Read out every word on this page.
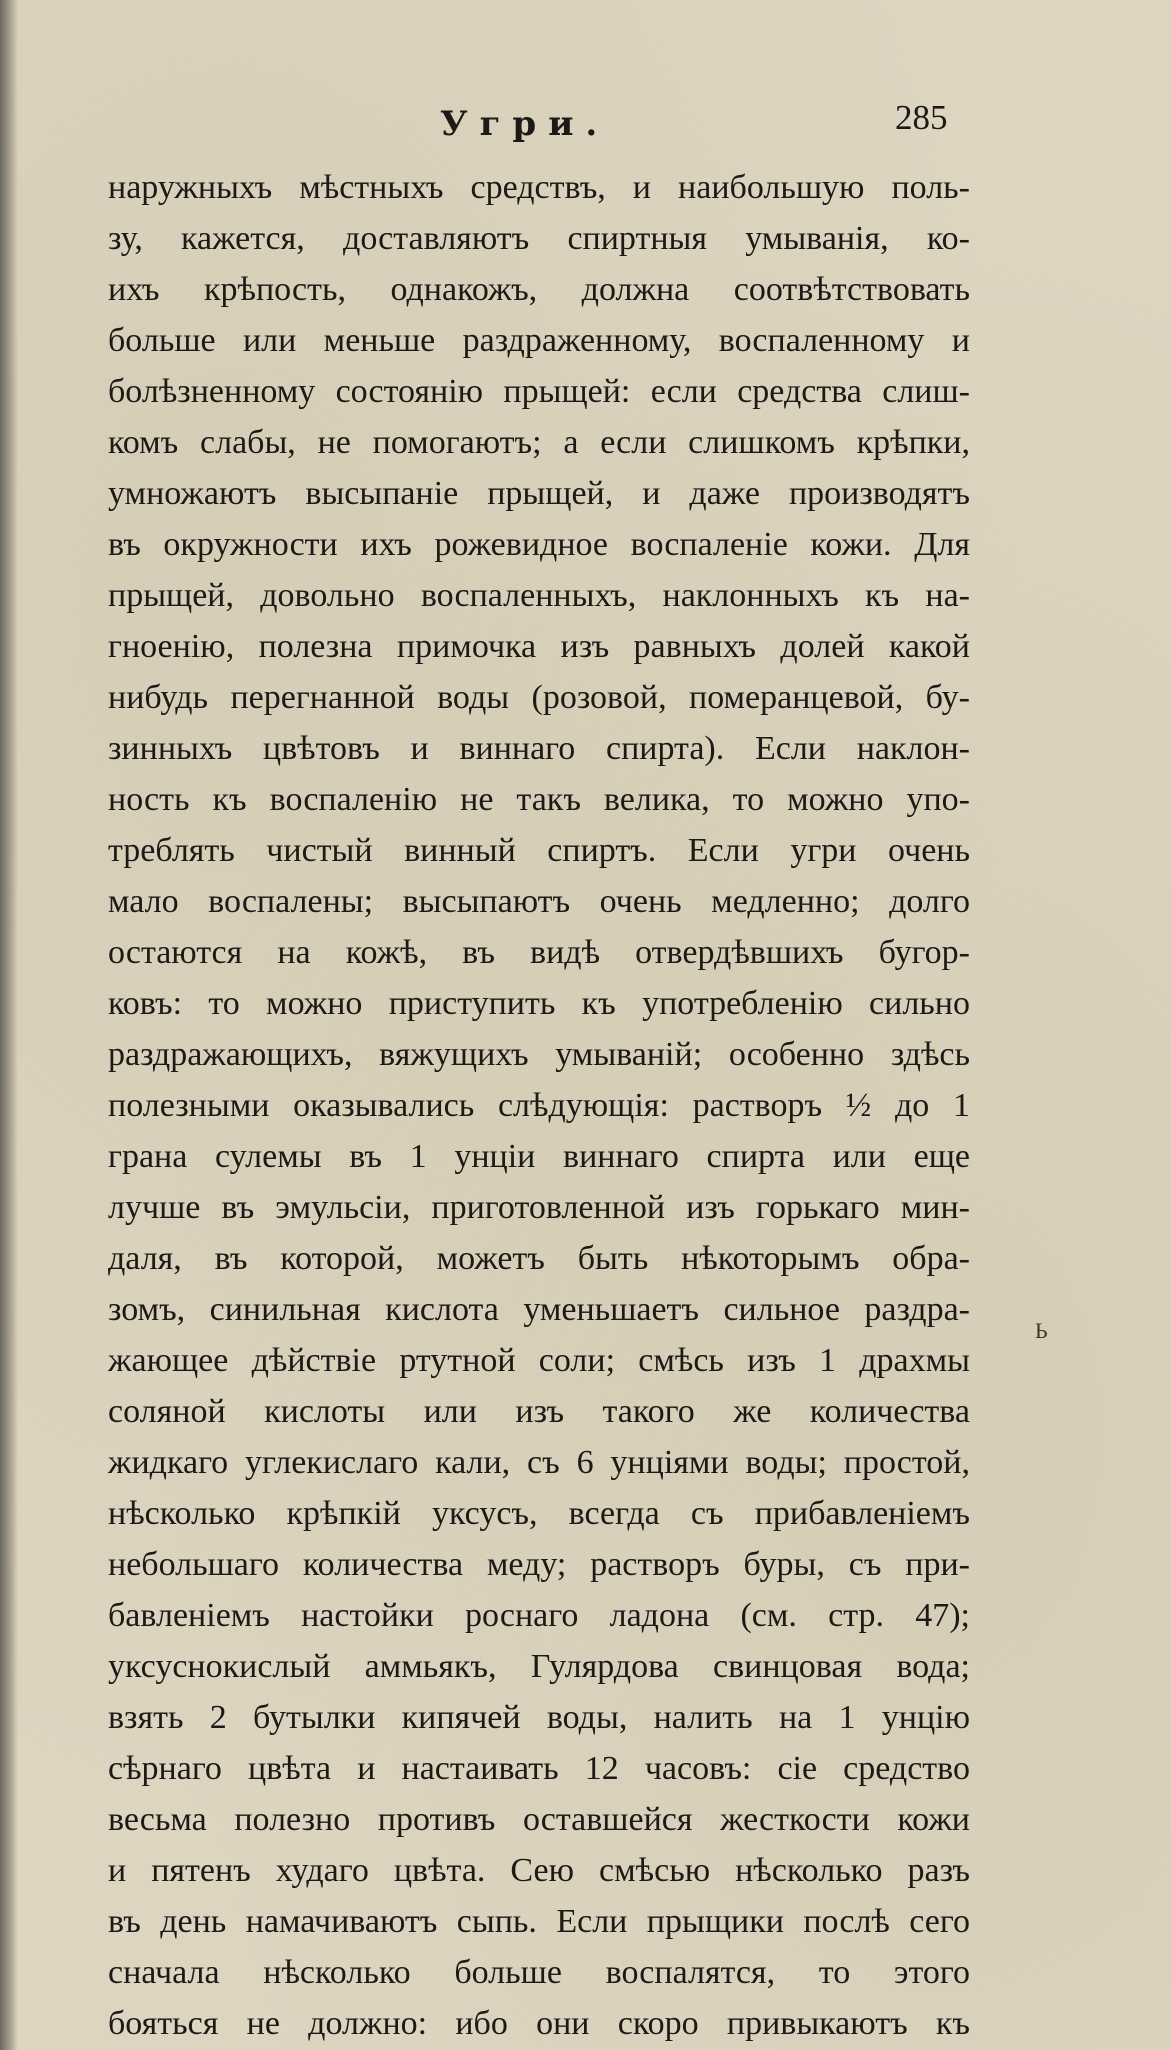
Угри.	285
наружныхъ мѣстныхъ средствъ, и наибольшую поль-
зу, кажется, доставляютъ спиртныя умыванія, ко-
ихъ крѣпость, однакожъ, должна соотвѣтствовать
больше или меньше раздраженному, воспаленному и
болѣзненному состоянію прыщей: если средства слиш-
комъ слабы, не помогаютъ; а если слишкомъ крѣпки,
умножаютъ высыпаніе прыщей, и даже производятъ
въ окружности ихъ рожевидное воспаленіе кожи. Для
прыщей, довольно воспаленныхъ, наклонныхъ къ на-
гноенію, полезна примочка изъ равныхъ долей какой
нибудь перегнанной воды (розовой, померанцевой, бу-
зинныхъ цвѣтовъ и виннаго спирта). Если наклон-
ность къ воспаленію не такъ велика, то можно упо-
треблять чистый винный спиртъ. Если угри очень
мало воспалены; высыпаютъ очень медленно; долго
остаются на кожѣ, въ видѣ отвердѣвшихъ бугор-
ковъ: то можно приступить къ употребленію сильно
раздражающихъ, вяжущихъ умываній; особенно здѣсь
полезными оказывались слѣдующія: растворъ ½ до 1
грана сулемы въ 1 унціи виннаго спирта или еще
лучше въ эмульсіи, приготовленной изъ горькаго мин-
даля, въ которой, можетъ быть нѣкоторымъ обра-
зомъ, синильная кислота уменьшаетъ сильное раздра-
жающее дѣйствіе ртутной соли; смѣсь изъ 1 драхмы
соляной кислоты или изъ такого же количества
жидкаго углекислаго кали, съ 6 унціями воды; простой,
нѣсколько крѣпкій уксусъ, всегда съ прибавленіемъ
небольшаго количества меду; растворъ буры, съ при-
бавленіемъ настойки роснаго ладона (см. стр. 47);
уксуснокислый аммьякъ, Гулярдова свинцовая вода;
взять 2 бутылки кипячей воды, налить на 1 унцію
сѣрнаго цвѣта и настаивать 12 часовъ: сіе средство
весьма полезно противъ оставшейся жесткости кожи
и пятенъ худаго цвѣта. Сею смѣсью нѣсколько разъ
въ день намачиваютъ сыпь. Если прыщики послѣ сего
сначала нѣсколько больше воспалятся, то этого
бояться не должно: ибо они скоро привыкаютъ къ
Ь
